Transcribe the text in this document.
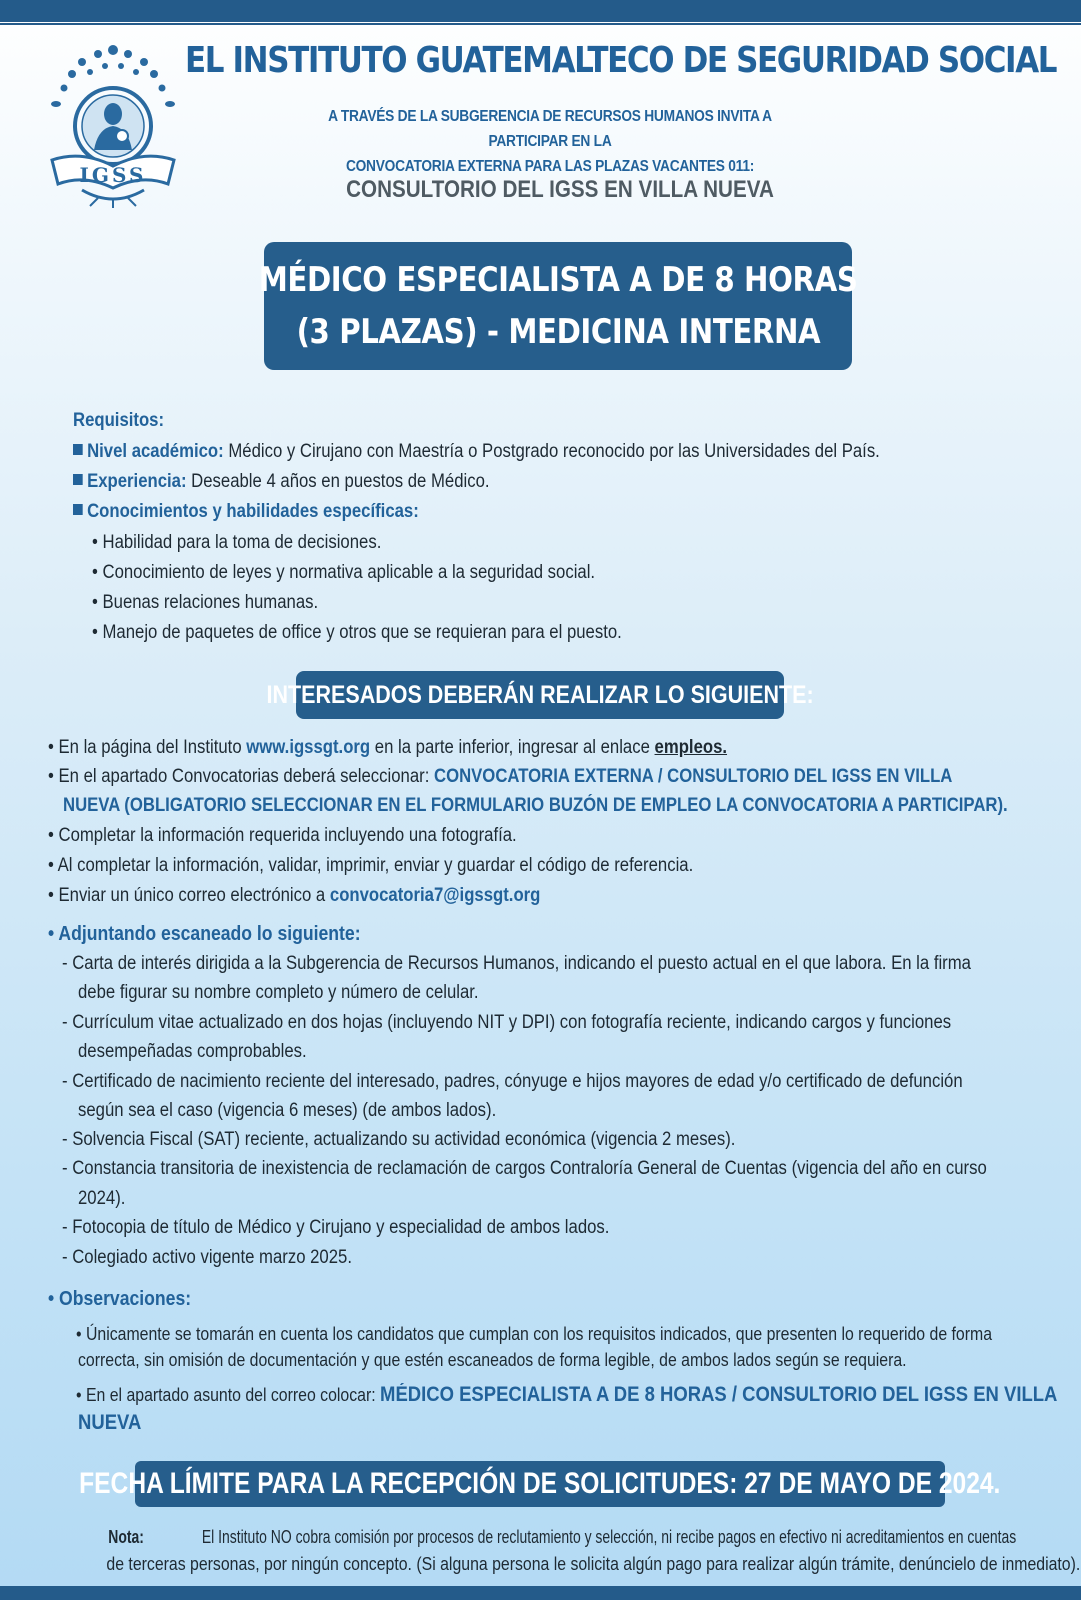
IGSS
EL INSTITUTO GUATEMALTECO DE SEGURIDAD SOCIAL
A TRAVÉS DE LA SUBGERENCIA DE RECURSOS HUMANOS INVITA A PARTICIPAR EN LA
CONVOCATORIA EXTERNA PARA LAS PLAZAS VACANTES 011:
CONSULTORIO DEL IGSS EN VILLA NUEVA
MÉDICO ESPECIALISTA A DE 8 HORAS
(3 PLAZAS) - MEDICINA INTERNA
Requisitos:
Nivel académico: Médico y Cirujano con Maestría o Postgrado reconocido por las Universidades del País.
Experiencia: Deseable 4 años en puestos de Médico.
Conocimientos y habilidades específicas:
• Habilidad para la toma de decisiones.
• Conocimiento de leyes y normativa aplicable a la seguridad social.
• Buenas relaciones humanas.
• Manejo de paquetes de office y otros que se requieran para el puesto.
INTERESADOS DEBERÁN REALIZAR LO SIGUIENTE:
• En la página del Instituto www.igssgt.org en la parte inferior, ingresar al enlace empleos.
• En el apartado Convocatorias deberá seleccionar: CONVOCATORIA EXTERNA / CONSULTORIO DEL IGSS EN VILLA
NUEVA (OBLIGATORIO SELECCIONAR EN EL FORMULARIO BUZÓN DE EMPLEO LA CONVOCATORIA A PARTICIPAR).
• Completar la información requerida incluyendo una fotografía.
• Al completar la información, validar, imprimir, enviar y guardar el código de referencia.
• Enviar un único correo electrónico a convocatoria7@igssgt.org
• Adjuntando escaneado lo siguiente:
- Carta de interés dirigida a la Subgerencia de Recursos Humanos, indicando el puesto actual en el que labora. En la firma
debe figurar su nombre completo y número de celular.
- Currículum vitae actualizado en dos hojas (incluyendo NIT y DPI) con fotografía reciente, indicando cargos y funciones
desempeñadas comprobables.
- Certificado de nacimiento reciente del interesado, padres, cónyuge e hijos mayores de edad y/o certificado de defunción
según sea el caso (vigencia 6 meses) (de ambos lados).
- Solvencia Fiscal (SAT) reciente, actualizando su actividad económica (vigencia 2 meses).
- Constancia transitoria de inexistencia de reclamación de cargos Contraloría General de Cuentas (vigencia del año en curso
2024).
- Fotocopia de título de Médico y Cirujano y especialidad de ambos lados.
- Colegiado activo vigente marzo 2025.
• Observaciones:
• Únicamente se tomarán en cuenta los candidatos que cumplan con los requisitos indicados, que presenten lo requerido de forma
correcta, sin omisión de documentación y que estén escaneados de forma legible, de ambos lados según se requiera.
• En el apartado asunto del correo colocar: MÉDICO ESPECIALISTA A DE 8 HORAS / CONSULTORIO DEL IGSS EN VILLA
NUEVA
FECHA LÍMITE PARA LA RECEPCIÓN DE SOLICITUDES: 27 DE MAYO DE 2024.
Nota:	El Instituto NO cobra comisión por procesos de reclutamiento y selección, ni recibe pagos en efectivo ni acreditamientos en cuentas
de terceras personas, por ningún concepto. (Si alguna persona le solicita algún pago para realizar algún trámite, denúncielo de inmediato).
